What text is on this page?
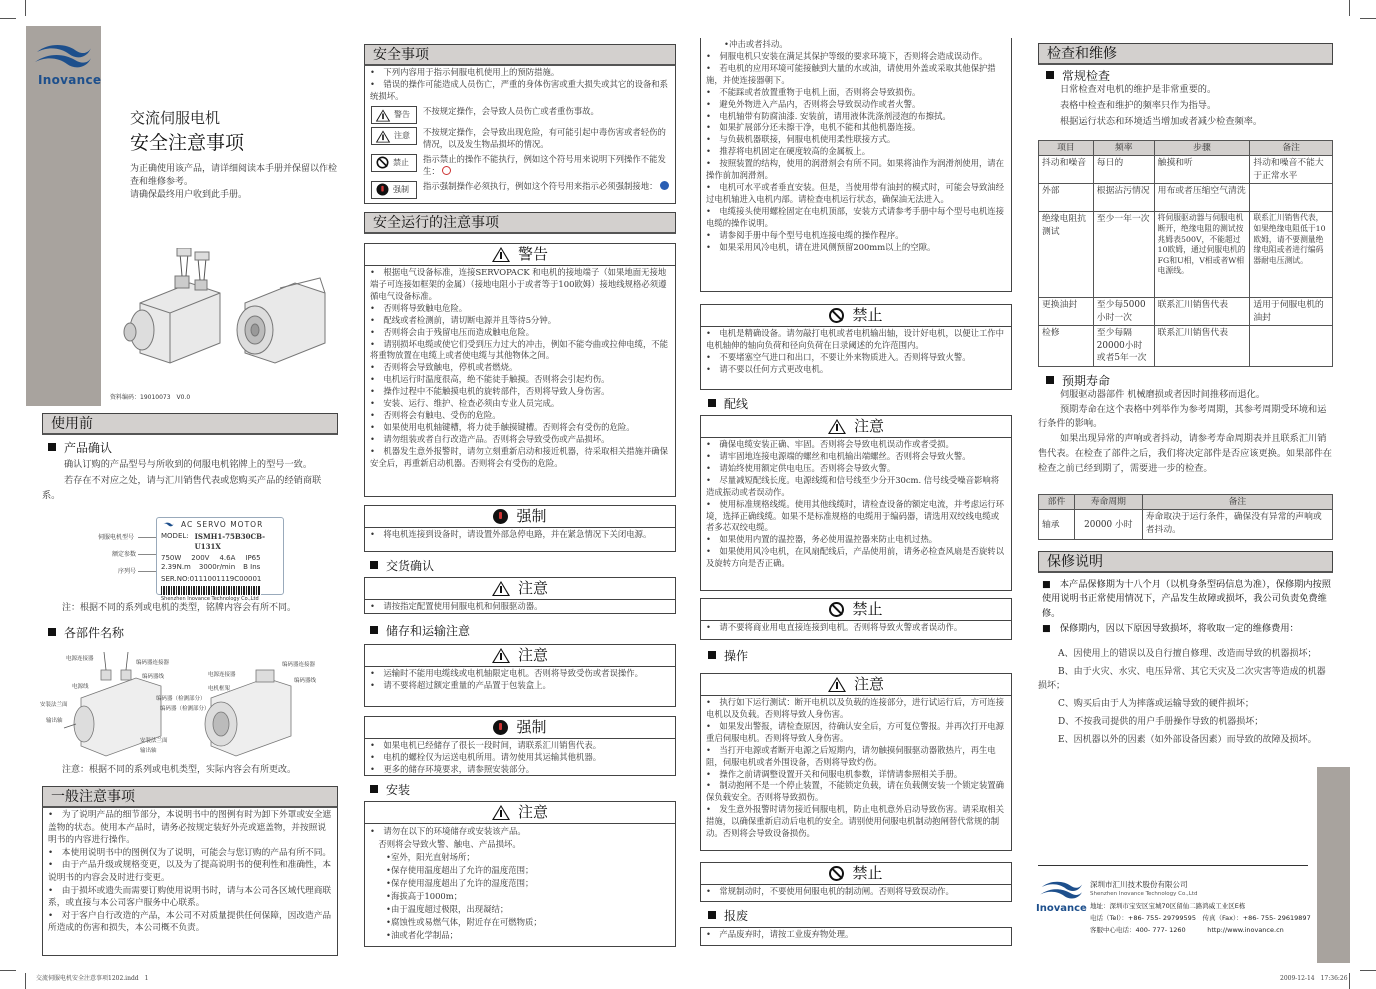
Inovance
交流伺服电机
安全注意事项
为正确使用该产品，请详细阅读本手册并保留以作检查和维修参考。
请确保最终用户收到此手册。
资料编码：19010073　V0.0
使用前
产品确认
确认订购的产品型号与所收到的伺服电机铭牌上的型号一致。
若存在不对应之处，请与汇川销售代表或您购买产品的经销商联系。
伺服电机型号
额定参数
序列号
AC SERVO MOTOR
MODEL: ISMH1-75B30CB-U131X
750W 200V 4.6A IP65
2.39N.m 3000r/min B Ins
SER.NO:0111001119C00001
Shenzhen Inovance Technology Co.,Ltd
注：根据不同的系列或电机的类型，铭牌内容会有所不同。
各部件名称
电源连接器
编码器连接器
电源线
编码器线
编码器（检测部分）
安装法兰面
输出轴
编码器（检测部分）
电源连接器
编码器连接器
电机框架
编码器线
安装法兰面
输出轴
注意：根据不同的系列或电机类型，实际内容会有所更改。
一般注意事项

•　为了说明产品的细节部分，本说明书中的图例有时为卸下外罩或安全遮盖物的状态。使用本产品时，请务必按规定装好外壳或遮盖物，并按照说明书的内容进行操作。

•　本使用说明书中的图例仅为了说明，可能会与您订购的产品有所不同。

•　由于产品升级或规格变更，以及为了提高说明书的便利性和准确性，本说明书的内容会及时进行变更。

•　由于损坏或遗失而需要订购使用说明书时，请与本公司各区域代理商联系，或直接与本公司客户服务中心联系。

•　对于客户自行改造的产品，本公司不对质量提供任何保障，因改造产品所造成的伤害和损失，本公司概不负责。

安全事项

•　下列内容用于指示伺服电机使用上的预防措施。

•　错误的操作可能造成人员伤亡，严重的身体伤害或重大损失或其它的设备和系统损坏。

警告 不按规定操作，会导致人员伤亡或者重伤事故。
注意 不按规定操作，会导致出现危险，有可能引起中毒伤害或者轻伤的情况，以及发生物品损坏的情况。
禁止 指示禁止的操作不能执行，例如这个符号用来说明下列操作不能发生：
强制 指示强制操作必须执行，例如这个符号用来指示必须强制接地：
安全运行的注意事项
警告

•　根据电气设备标准，连接SERVOPACK 和电机的接地端子（如果地面无接地端子可连接如框架的金属）（接地电阻小于或者等于100欧姆）接地线规格必须遵循电气设备标准。

•　否则将导致触电危险。

•　配线或者检测前，请切断电源并且等待5分钟。

•　否则将会由于残留电压而造成触电危险。

•　请别损坏电缆或使它们受到压力过大的冲击，例如不能夸曲或拉伸电缆，不能将重物放置在电缆上或者使电缆与其他物体之间。

•　否则将会导致触电，停机或者燃烧。

•　电机运行时温度很高，绝不能徒手触摸。否则将会引起灼伤。

•　操作过程中不能触摸电机的旋转部件，否则将导致人身伤害。

•　安装、运行、维护、检查必须由专业人员完成。

•　否则将会有触电、受伤的危险。

•　如果使用电机轴键槽，将力徒手触摸键槽。否则将会有受伤的危险。

•　请勿组装或者自行改造产品。否则将会导致受伤或产品损坏。

•　机器发生意外报警时，请勿立刻重新启动和接近机器，待采取相关措施并确保安全后，再重新启动机器。否则将会有受伤的危险。

强制

•　将电机连接到设备时，请设置外部急停电路，并在紧急情况下关闭电源。

交货确认
注意

•　请按指定配置使用伺服电机和伺服驱动器。

储存和运输注意
注意

•　运输时不能用电缆线或电机轴限定电机。否则将导致受伤或者误操作。

•　请不要将超过额定重量的产品置于包装盒上。

强制

•　如果电机已经储存了很长一段时间，请联系汇川销售代表。

•　电机的螺栓仅为运送电机所用。请勿使用其运输其他机器。

•　更多的储存环境要求，请参照安装部分。

安装
注意

•　请勿在以下的环境储存或安装该产品。

　否则将会导致火警、触电、产品损坏。

•室外，阳光直射场所；

•保存使用温度超出了允许的温度范围；

•保存使用湿度超出了允许的湿度范围；

•海拔高于1000m；

•由于温度超过极限，出现凝结；

•腐蚀性或易燃气体，附近存在可燃物质；

•油或者化学制品；

•冲击或者抖动。

•　伺服电机只安装在满足其保护等级的要求环境下，否则将会造成误动作。

•　若电机的应用环境可能接触到大量的水或油，请使用外盖或采取其他保护措施，并使连接器朝下。

•　不能踩或者放置重物于电机上面，否则将会导致损伤。

•　避免外物进入产品内，否则将会导致误动作或者火警。

•　电机轴带有防腐油漆. 安装前，请用液体洗涤剂浸泡的布擦拭。

•　如果扩展部分还未擦干净，电机不能和其他机器连接。

•　与负载机器联接，伺服电机使用柔性联接方式。

•　推荐将电机固定在硬度较高的金属板上。

•　按照装置的结构，使用的润滑剂会有所不同。如果将油作为润滑剂使用，请在操作前加润滑剂。

•　电机可水平或者垂直安装。但是，当使用带有油封的模式时，可能会导致油经过电机轴进入电机内部。请检查电机运行状态，确保油无法进入。

•　电缆接头使用螺栓固定在电机顶部，安装方式请参考手册中每个型号电机连接电缆的操作说明。

•　请参阅手册中每个型号电机连接电缆的操作程序。

•　如果采用风冷电机，请在进风侧预留200mm以上的空隙。

禁止

•　电机是精确设备。请勿敲打电机或者电机输出轴，设计好电机，以便让工作中电机轴伸的轴向负荷和径向负荷在日录阈述的允许范围内。

•　不要堵塞空气进口和出口，不要让外来物质进入。否则将导致火警。

•　请不要以任何方式更改电机。

配线
注意

•　确保电缆安装正确、牢固。否则将会导致电机误动作或者受损。

•　请牢固地连接电源端的螺丝和电机输出端螺丝。否则将会导致火警。

•　请始终使用额定供电电压。否则将会导致火警。

•　尽量减短配线长度。电源线缆和信号线至少分开30cm. 信号线受噪音影响将造成振动或者误动作。

•　使用标准规格线缆。使用其他线缆时，请检查设备的额定电流，并考虑运行环境，选择正确线缆。如果不是标准规格的电缆用于编码器，请选用双绞线电缆或者多芯双绞电缆。

•　如果使用内置的温控器，务必使用温控器来防止电机过热。

•　如果使用风冷电机，在风扇配线后，产品使用前，请务必检查风扇是否旋转以及旋转方向是否正确。

禁止

•　请不要将商业用电直接连接到电机。否则将导致火警或者误动作。

操作
注意

•　执行如下运行测试：断开电机以及负载的连接部分，进行试运行后，方可连接电机以及负载。否则将导致人身伤害。

•　如果发出警报，请检查原因，待确认安全后，方可复位警报。并再次打开电源重启伺服电机。否则将导致人身伤害。

•　当打开电源或者断开电源之后短期内，请勿触摸伺服驱动器散热片，再生电阻，伺服电机或者外围设备，否则将导致灼伤。

•　操作之前请调整设置开关和伺服电机参数，详情请参照相关手册。

•　制动抱闸不是一个停止装置，不能锁定负载，请在负载侧安装一个锁定装置确保负载安全。否则将导致损伤。

•　发生意外报警时请勿接近伺服电机，防止电机意外启动导致伤害。请采取相关措施，以确保重新启动后电机的安全。请别使用伺服电机制动抱闸替代常规的制动。否则将会导致设备损伤。

禁止

•　常规制动时，不要使用伺服电机的制动闸。否则将导致误动作。

报废

•　产品废弃时，请按工业废弃物处理。

检查和维修
常规检查
日常检查对电机的维护是非常重要的。
表格中检查和维护的频率只作为指导。
根据运行状态和环境适当增加或者减少检查频率。
项目	频率	步骤	备注
抖动和噪音	每日的	触摸和听	抖动和噪音不能大于正常水平
外部	根据沾污情况	用布或者压缩空气清洗	
绝缘电阻抗测试	至少一年一次	将伺服驱动器与伺服电机断开，绝缘电阻的测试按兆姆表500V，不能超过10欧姆，通过伺服电机的FG和U相，V相或者W相电源线。	联系汇川销售代表，如果绝缘电阻低于10欧姆，请不要测量绝缘电阻或者进行编码器耐电压测试。
更换油封	至少每5000小时一次	联系汇川销售代表	适用于伺服电机的油封
检修	至少每隔20000小时或者5年一次	联系汇川销售代表	
预期寿命
伺服驱动器部件 机械磨损或者因时间推移而退化。
预期寿命在这个表格中列举作为参考周期，其参考周期受环境和运行条件的影响。
如果出现异常的声响或者抖动，请参考寿命周期表并且联系汇川销售代表。在检查了部件之后，我们将决定部件是否应该更换。如果部件在检查之前已经到期了，需要进一步的检查。
部件	寿命周期	备注
轴承	20000 小时	寿命取决于运行条件，确保没有异常的声响或者抖动。
保修说明
■　本产品保修期为十八个月（以机身条型码信息为准），保修期内按照使用说明书正常使用情况下，产品发生故障或损坏，我公司负责免费维修。
■　保修期内，因以下原因导致损坏，将收取一定的维修费用：
A、因使用上的错误以及自行擅自修理、改造而导致的机器损坏；
B、由于火灾、水灾、电压异常、其它天灾及二次灾害等造成的机器损坏；
C、购买后由于人为摔落或运输导致的硬件损坏；
D、不按我司提供的用户手册操作导致的机器损坏；
E、因机器以外的因素（如外部设备因素）而导致的故障及损坏。
Inovance
深圳市汇川技术股份有限公司
Shenzhen Inovance Technology Co.,Ltd
地址：深圳市宝安区宝城70区留仙二路鸿威工业区E栋
电话（Tel）：+86- 755- 29799595　传真（Fax）：+86- 755- 29619897
客服中心电话：400- 777- 1260　　　 http://www.inovance.cn
交流伺服电机安全注意事项1202.indd　1	2009-12-14　17:36:26
